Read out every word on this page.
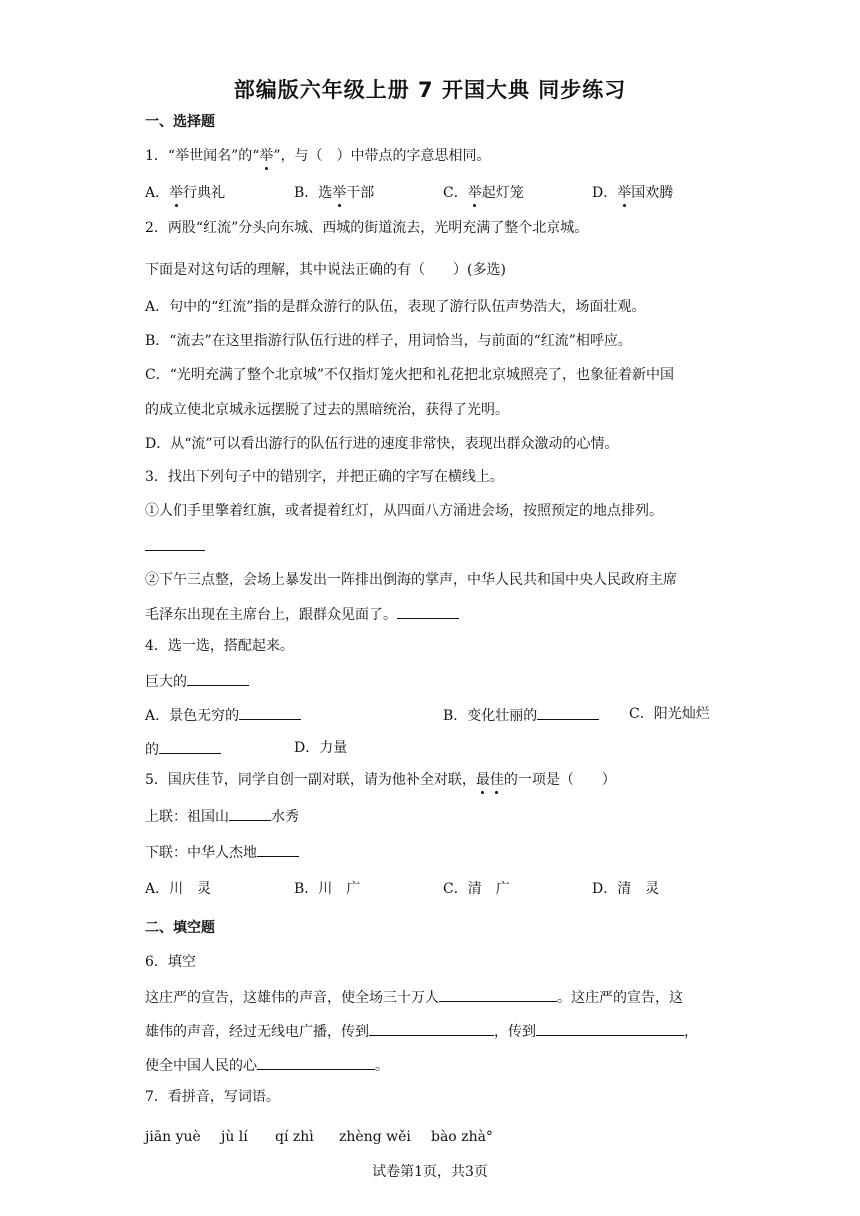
部编版六年级上册 7 开国大典 同步练习
一、选择题
1．“举世闻名”的“举”，与（　）中带点的字意思相同。
A．举行典礼	B．选举干部	C．举起灯笼	D．举国欢腾
2．两股“红流”分头向东城、西城的街道流去，光明充满了整个北京城。
下面是对这句话的理解，其中说法正确的有（　　）(多选)
A．句中的“红流”指的是群众游行的队伍，表现了游行队伍声势浩大，场面壮观。
B．“流去”在这里指游行队伍行进的样子，用词恰当，与前面的“红流”相呼应。
C．“光明充满了整个北京城”不仅指灯笼火把和礼花把北京城照亮了，也象征着新中国
的成立使北京城永远摆脱了过去的黑暗统治，获得了光明。
D．从“流”可以看出游行的队伍行进的速度非常快，表现出群众激动的心情。
3．找出下列句子中的错别字，并把正确的字写在横线上。
①人们手里擎着红旗，或者提着红灯，从四面八方涌进会场，按照预定的地点排列。
②下午三点整，会场上暴发出一阵排出倒海的掌声，中华人民共和国中央人民政府主席
毛泽东出现在主席台上，跟群众见面了。
4．选一选，搭配起来。
巨大的
A．景色无穷的	B．变化壮丽的	C．阳光灿烂
的	D．力量
5．国庆佳节，同学自创一副对联，请为他补全对联，最佳的一项是（　　）
上联：祖国山	水秀
下联：中华人杰地
A．川　灵	B．川　广	C．清　广	D．清　灵
二、填空题
6．填空
这庄严的宣告，这雄伟的声音，使全场三十万人	。这庄严的宣告，这
雄伟的声音，经过无线电广播，传到	，传到	，
使全中国人民的心	。
7．看拼音，写词语。
jiān yuè jù lí qí zhì zhèng wěi bào zhà°
试卷第1页，共3页
